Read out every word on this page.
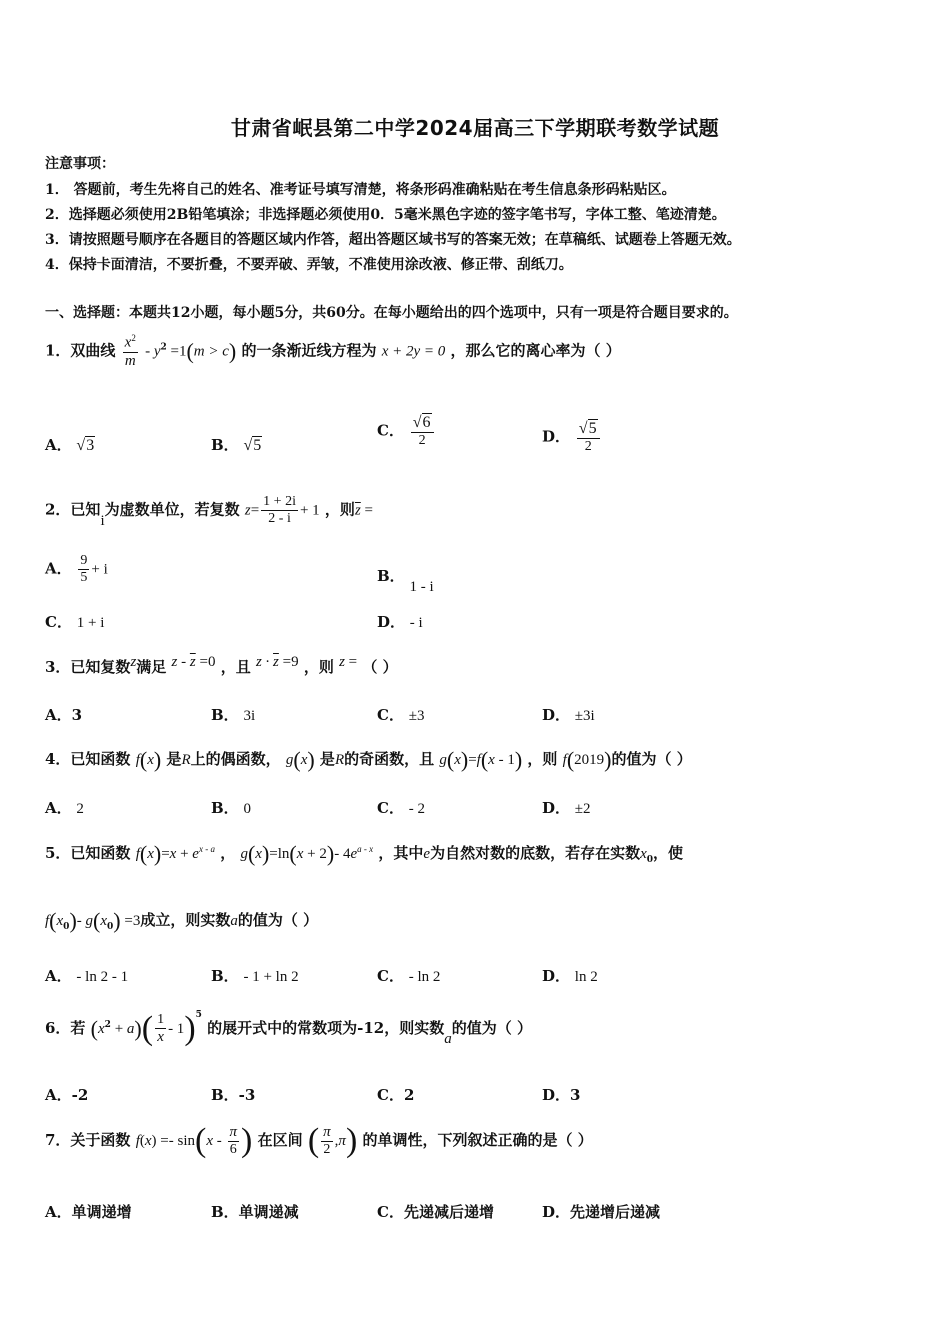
甘肃省岷县第二中学2024届高三下学期联考数学试题
注意事项：
1． 答题前，考生先将自己的姓名、准考证号填写清楚，将条形码准确粘贴在考生信息条形码粘贴区。
2．选择题必须使用2B铅笔填涂；非选择题必须使用0．5毫米黑色字迹的签字笔书写，字体工整、笔迹清楚。
3．请按照题号顺序在各题目的答题区域内作答，超出答题区域书写的答案无效；在草稿纸、试题卷上答题无效。
4．保持卡面清洁，不要折叠，不要弄破、弄皱，不准使用涂改液、修正带、刮纸刀。
一、选择题：本题共12小题，每小题5分，共60分。在每小题给出的四个选项中，只有一项是符合题目要求的。
1．双曲线 $\frac{x^2}{m} - y^2 =1(m > c)$ 的一条渐近线方程为 x + 2y = 0 ，那么它的离心率为（ ）
A． √3	B． √5
C． $\frac{√6}{2}$	D． $\frac{√5}{2}$
2．已知i为虚数单位，若复数 $z= \frac{1 + 2i}{2 - i} + 1$ ，则$\overline{z}$ =
A． $\frac{9}{5} + i$	B． 1 - i
C． 1 + i	D． - i
3．已知复数z满足 $z - \overline{z} =0$ ，且 $z \cdot \overline{z} =9$ ，则 z = （ ）
A．3	B． 3i	C． ±3	D． ±3i
4．已知函数 f(x) 是R上的偶函数， g(x) 是R的奇函数，且 g(x)=f(x - 1) ，则 f(2019)的值为（ ）
A． 2	B． 0	C． - 2	D． ±2
5．已知函数 $f(x)=x + e^{x - a}$ ， g(x)=ln(x + 2)- $4e^{a - x}$ ，其中e为自然对数的底数，若存在实数$x_0$，使
$f(x_0)-$ $g(x_0) =3$成立，则实数a的值为（ ）
A． - ln 2 - 1	B． - 1 + ln 2	C． - ln 2	D． ln 2
6．若 $(x^2 + a)( \frac{1}{x} - 1)^5$ 的展开式中的常数项为-12，则实数a的值为（ ）
A．-2	B．-3	C．2	D．3
7．关于函数 $f(x) =- \sin(x - \frac{\pi}{6}$ ) 在区间 ( $\frac{\pi}{2} ,\pi$) 的单调性，下列叙述正确的是（ ）
A．单调递增	B．单调递减	C．先递减后递增	D．先递增后递减
